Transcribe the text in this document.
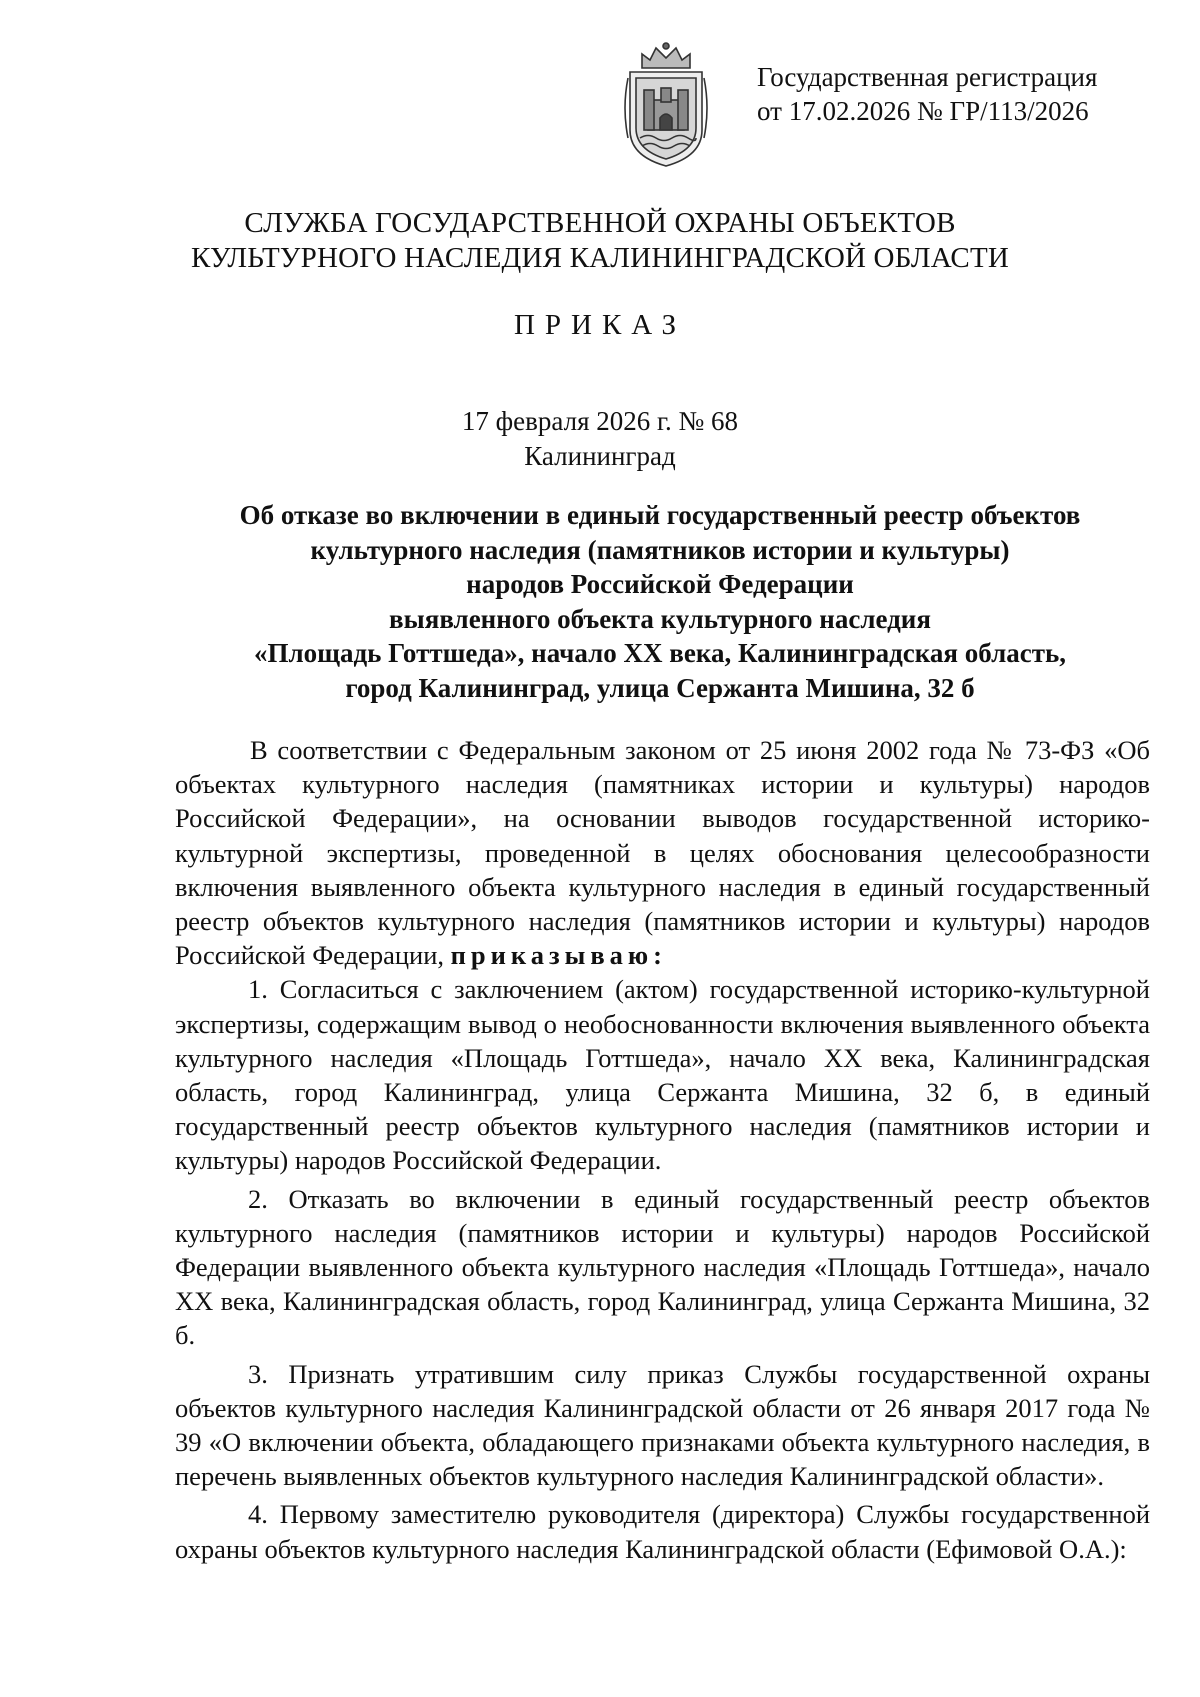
Государственная регистрация
от 17.02.2026 № ГР/113/2026
СЛУЖБА ГОСУДАРСТВЕННОЙ ОХРАНЫ ОБЪЕКТОВ
КУЛЬТУРНОГО НАСЛЕДИЯ КАЛИНИНГРАДСКОЙ ОБЛАСТИ
ПРИКАЗ
17 февраля 2026 г. № 68
Калининград
Об отказе во включении в единый государственный реестр объектов
культурного наследия (памятников истории и культуры)
народов Российской Федерации
выявленного объекта культурного наследия
«Площадь Готтшеда», начало XX века, Калининградская область,
город Калининград, улица Сержанта Мишина, 32 б

В соответствии с Федеральным законом от 25 июня 2002 года № 73-ФЗ «Об объектах культурного наследия (памятниках истории и культуры) народов Российской Федерации», на основании выводов государственной историко-культурной экспертизы, проведенной в целях обоснования целесообразности включения выявленного объекта культурного наследия в единый государственный реестр объектов культурного наследия (памятников истории и культуры) народов Российской Федерации, приказываю:

1. Согласиться с заключением (актом) государственной историко-культурной экспертизы, содержащим вывод о необоснованности включения выявленного объекта культурного наследия «Площадь Готтшеда», начало XX века, Калининградская область, город Калининград, улица Сержанта Мишина, 32 б, в единый государственный реестр объектов культурного наследия (памятников истории и культуры) народов Российской Федерации.

2. Отказать во включении в единый государственный реестр объектов культурного наследия (памятников истории и культуры) народов Российской Федерации выявленного объекта культурного наследия «Площадь Готтшеда», начало XX века, Калининградская область, город Калининград, улица Сержанта Мишина, 32 б.

3. Признать утратившим силу приказ Службы государственной охраны объектов культурного наследия Калининградской области от 26 января 2017 года № 39 «О включении объекта, обладающего признаками объекта культурного наследия, в перечень выявленных объектов культурного наследия Калининградской области».

4. Первому заместителю руководителя (директора) Службы государственной охраны объектов культурного наследия Калининградской области (Ефимовой О.А.):
